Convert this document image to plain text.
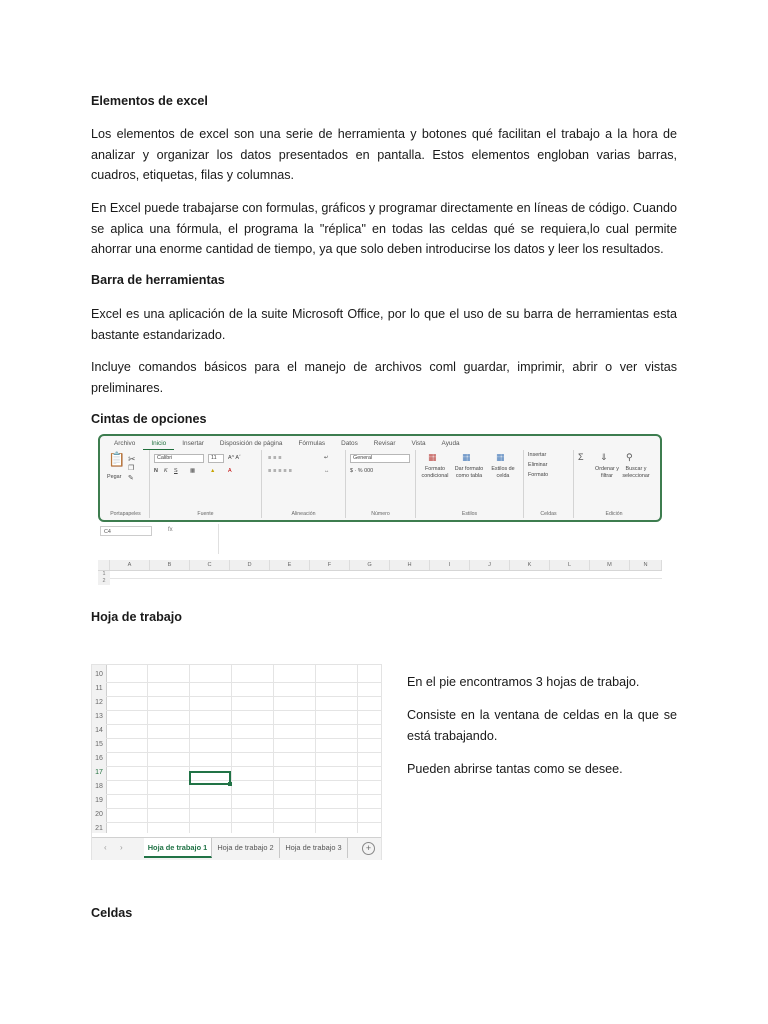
Elementos de excel

Los elementos de excel son una serie de herramienta y botones qué facilitan el trabajo a la hora de analizar y organizar los datos presentados en pantalla. Estos elementos engloban varias barras, cuadros, etiquetas, filas y columnas.

En Excel puede trabajarse con formulas, gráficos y programar directamente en líneas de código. Cuando se aplica una fórmula, el programa la "réplica" en todas las celdas qué se requiera,lo cual permite ahorrar una enorme cantidad de tiempo, ya que solo deben introducirse los datos y leer los resultados.

Barra de herramientas

Excel es una aplicación de la suite Microsoft Office, por lo que el uso de su barra de herramientas esta bastante estandarizado.

Incluye comandos básicos para el manejo de archivos coml guardar, imprimir, abrir o ver vistas preliminares.

Cintas de opciones
Archivo	Inicio	Insertar	Disposición de página	Fórmulas	Datos	Revisar	Vista	Ayuda
📋
Pegar
✂
❐
✎
Portapapeles
Calibri	11	A^ Aˇ
N K S ▦	▲ A
Fuente
≡≡≡
≡≡≡≡≡
↵
↔
Alineación
General
$ · % 000
Número
▦	▦	▦
Formato condicional
Dar formato como tabla
Estilos de celda
Estilos
Insertar
Eliminar
Formato
Celdas
Σ ⇓ ⚲
Ordenar y filtrar
Buscar y seleccionar
Edición
C4	fx
A	B	C	D	E	F	G	H	I	J	K	L	M	N
1
2
Hoja de trabajo
10
11
12
13
14
15
16
17
18
19
20
21
‹ ›	Hoja de trabajo 1	Hoja de trabajo 2	Hoja de trabajo 3	+

En el pie encontramos 3 hojas de trabajo.

Consiste en la ventana de celdas en la que se está trabajando.

Pueden abrirse tantas como se desee.

Celdas
